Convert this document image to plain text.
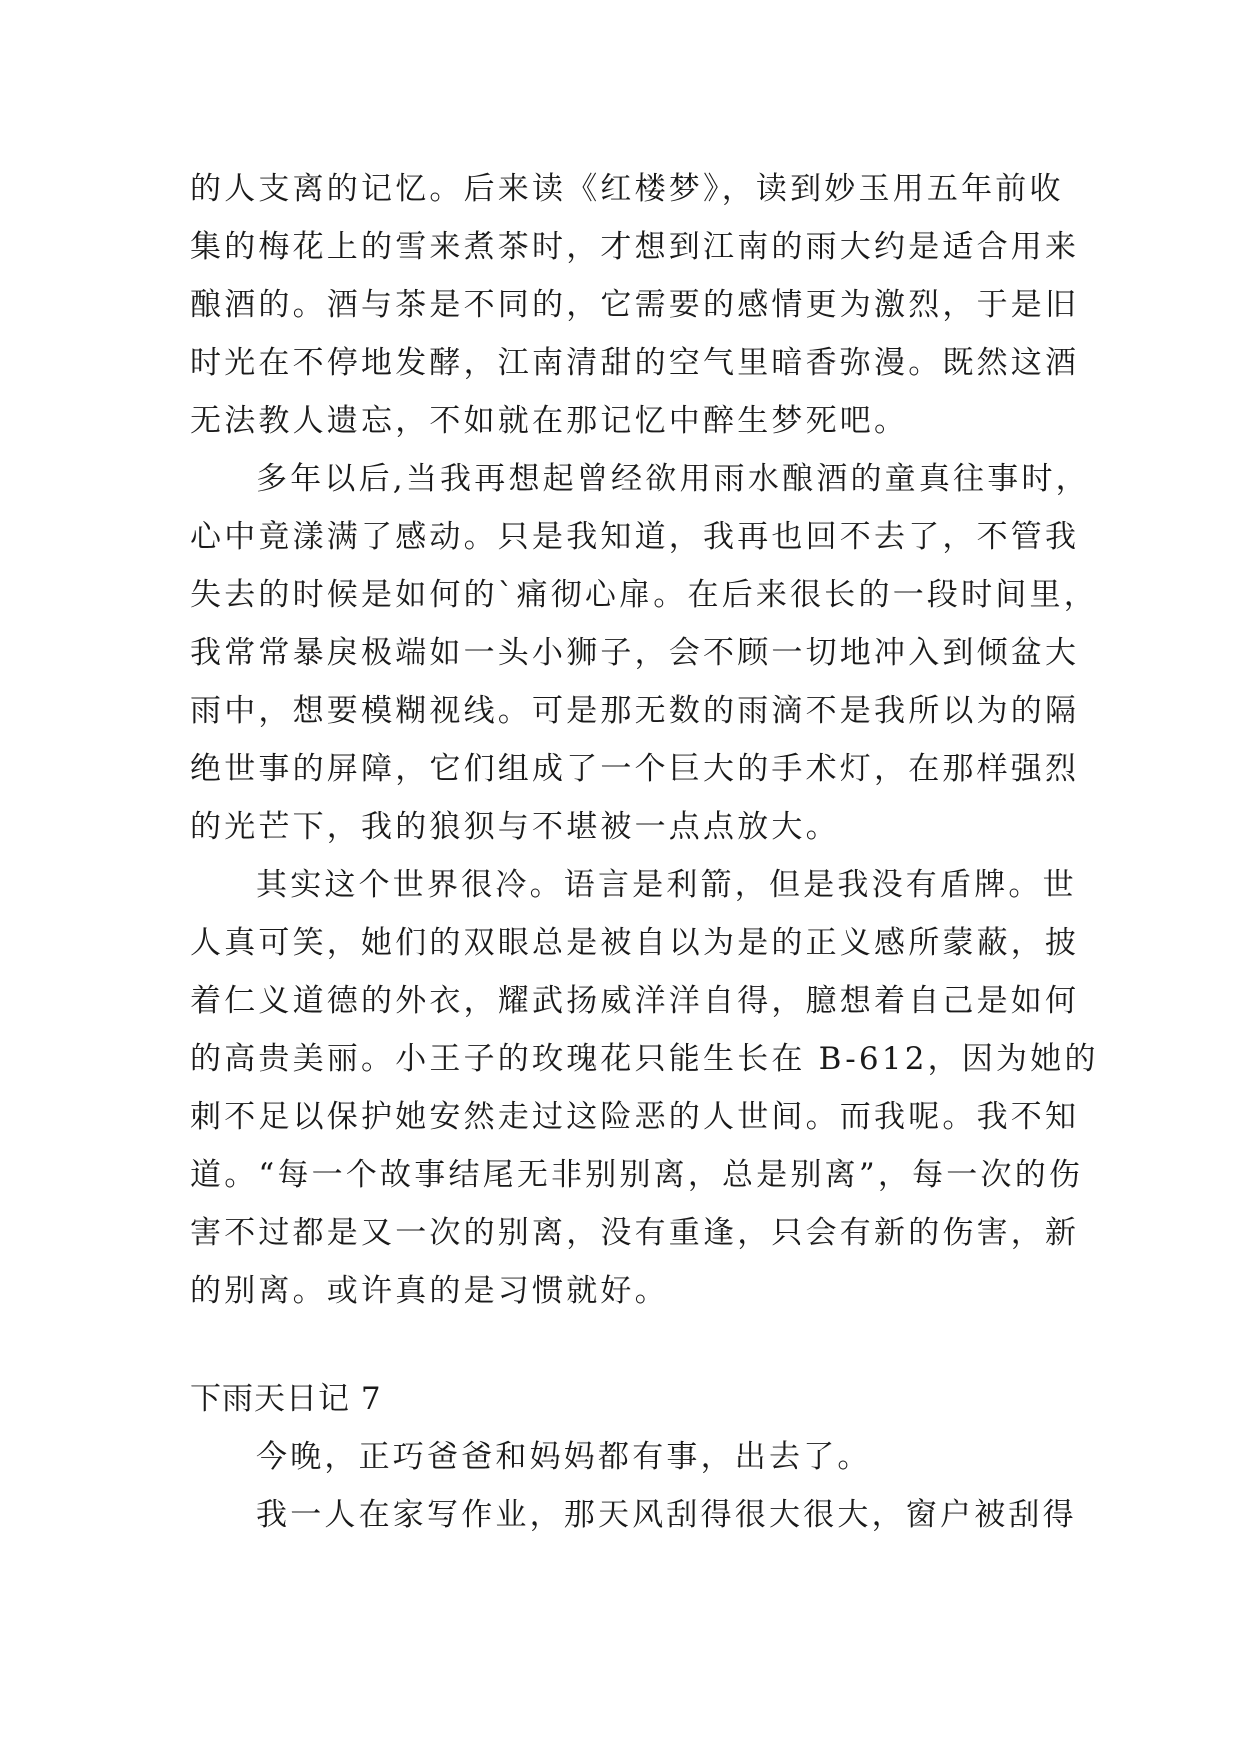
的人支离的记忆。后来读《红楼梦》，读到妙玉用五年前收
集的梅花上的雪来煮茶时，才想到江南的雨大约是适合用来
酿酒的。酒与茶是不同的，它需要的感情更为激烈，于是旧
时光在不停地发酵，江南清甜的空气里暗香弥漫。既然这酒
无法教人遗忘，不如就在那记忆中醉生梦死吧。
多年以后,当我再想起曾经欲用雨水酿酒的童真往事时，
心中竟漾满了感动。只是我知道，我再也回不去了，不管我
失去的时候是如何的`痛彻心扉。在后来很长的一段时间里，
我常常暴戾极端如一头小狮子，会不顾一切地冲入到倾盆大
雨中，想要模糊视线。可是那无数的雨滴不是我所以为的隔
绝世事的屏障，它们组成了一个巨大的手术灯，在那样强烈
的光芒下，我的狼狈与不堪被一点点放大。
其实这个世界很冷。语言是利箭，但是我没有盾牌。世
人真可笑，她们的双眼总是被自以为是的正义感所蒙蔽，披
着仁义道德的外衣，耀武扬威洋洋自得，臆想着自己是如何
的高贵美丽。小王子的玫瑰花只能生长在 B-612，因为她的
刺不足以保护她安然走过这险恶的人世间。而我呢。我不知
道。“每一个故事结尾无非别别离，总是别离”，每一次的伤
害不过都是又一次的别离，没有重逢，只会有新的伤害，新
的别离。或许真的是习惯就好。
下雨天日记 7
今晚，正巧爸爸和妈妈都有事，出去了。
我一人在家写作业，那天风刮得很大很大，窗户被刮得
